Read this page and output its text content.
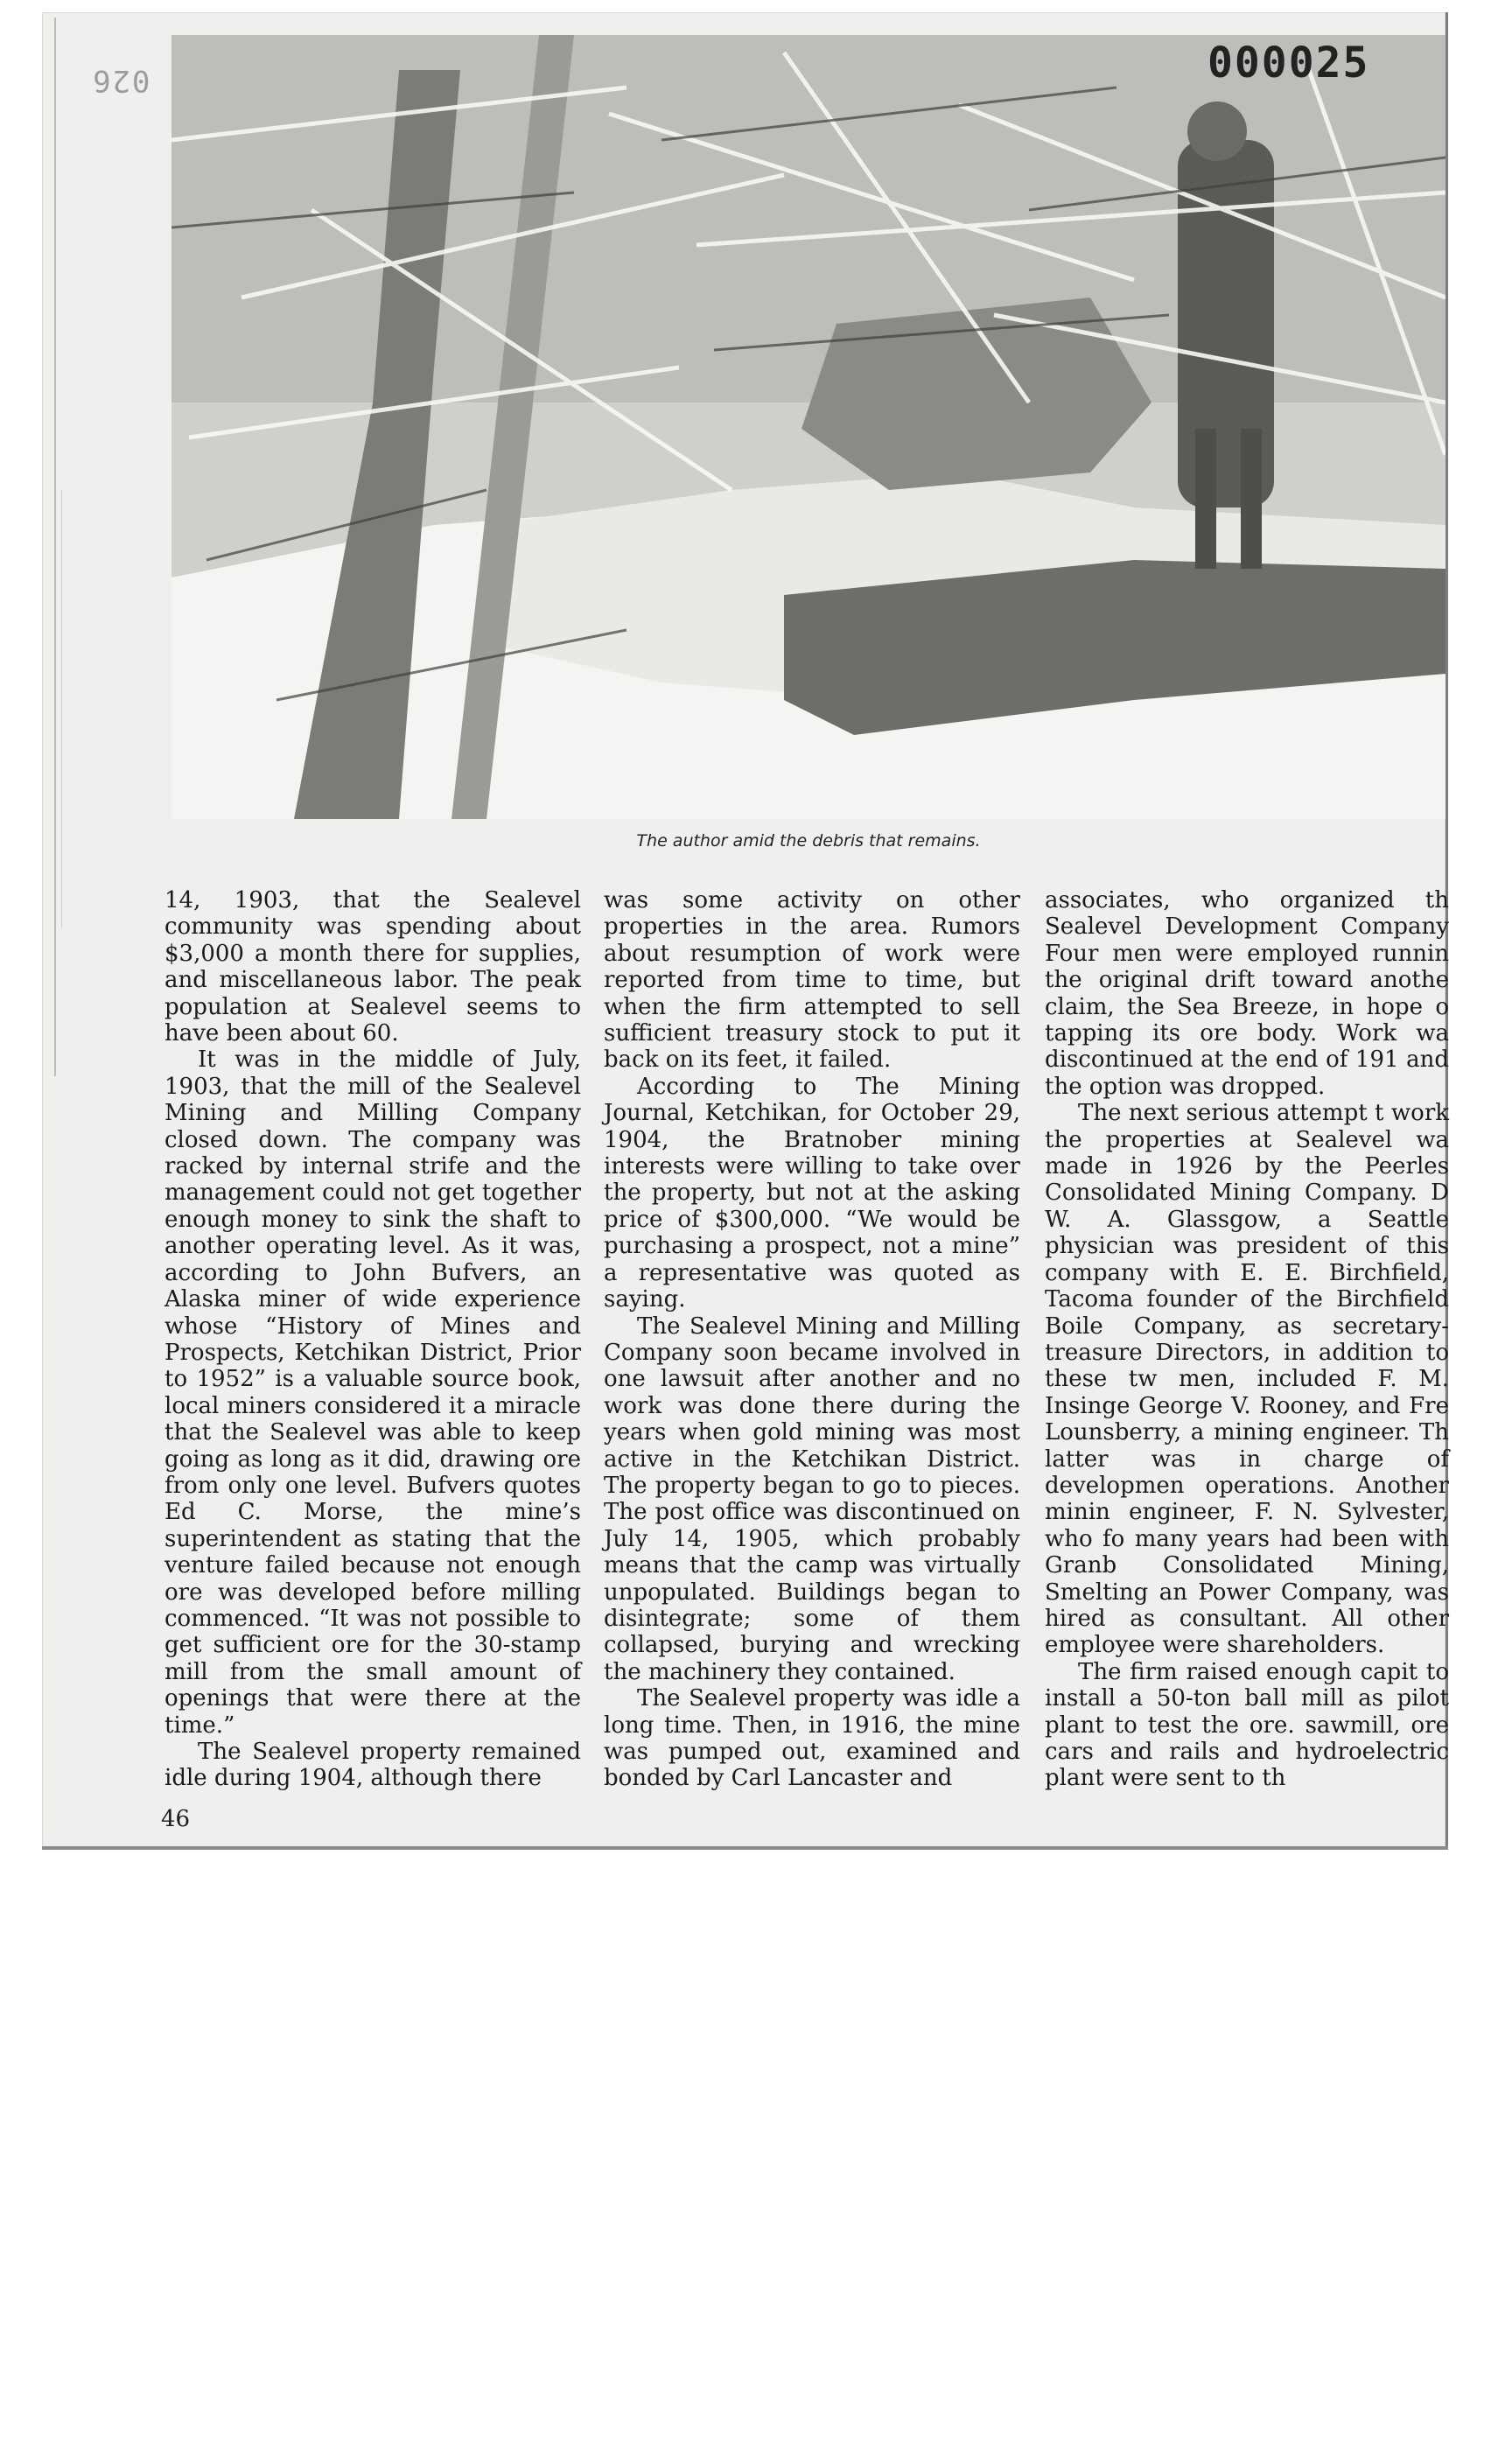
026	000025
The author amid the debris that remains.

14, 1903, that the Sealevel community was spending about $3,000 a month there for supplies, and miscellaneous labor. The peak population at Sealevel seems to have been about 60.

It was in the middle of July, 1903, that the mill of the Sealevel Mining and Milling Company closed down. The company was racked by internal strife and the management could not get together enough money to sink the shaft to another operating level. As it was, according to John Bufvers, an Alaska miner of wide experience whose “History of Mines and Prospects, Ketchikan District, Prior to 1952” is a valuable source book, local miners considered it a miracle that the Sealevel was able to keep going as long as it did, drawing ore from only one level. Bufvers quotes Ed C. Morse, the mine’s superintendent as stating that the venture failed because not enough ore was developed before milling commenced. “It was not possible to get sufficient ore for the 30-stamp mill from the small amount of openings that were there at the time.”

The Sealevel property remained idle during 1904, although there

was some activity on other properties in the area. Rumors about resumption of work were reported from time to time, but when the firm attempted to sell sufficient treasury stock to put it back on its feet, it failed.

According to The Mining Journal, Ketchikan, for October 29, 1904, the Bratnober mining interests were willing to take over the property, but not at the asking price of $300,000. “We would be purchasing a prospect, not a mine” a representative was quoted as saying.

The Sealevel Mining and Milling Company soon became involved in one lawsuit after another and no work was done there during the years when gold mining was most active in the Ketchikan District. The property began to go to pieces. The post office was discontinued on July 14, 1905, which probably means that the camp was virtually unpopulated. Buildings began to disintegrate; some of them collapsed, burying and wrecking the machinery they contained.

The Sealevel property was idle a long time. Then, in 1916, the mine was pumped out, examined and bonded by Carl Lancaster and

associates, who organized th Sealevel Development Company Four men were employed runnin the original drift toward anothe claim, the Sea Breeze, in hope o tapping its ore body. Work wa discontinued at the end of 191 and the option was dropped.

The next serious attempt t work the properties at Sealevel wa made in 1926 by the Peerles Consolidated Mining Company. D W. A. Glassgow, a Seattle physician was president of this company with E. E. Birchfield, Tacoma founder of the Birchfield Boile Company, as secretary-treasure Directors, in addition to these tw men, included F. M. Insinge George V. Rooney, and Fre Lounsberry, a mining engineer. Th latter was in charge of developmen operations. Another minin engineer, F. N. Sylvester, who fo many years had been with Granb Consolidated Mining, Smelting an Power Company, was hired as consultant. All other employee were shareholders.

The firm raised enough capit to install a 50-ton ball mill as pilot plant to test the ore. sawmill, ore cars and rails and hydroelectric plant were sent to th

46
